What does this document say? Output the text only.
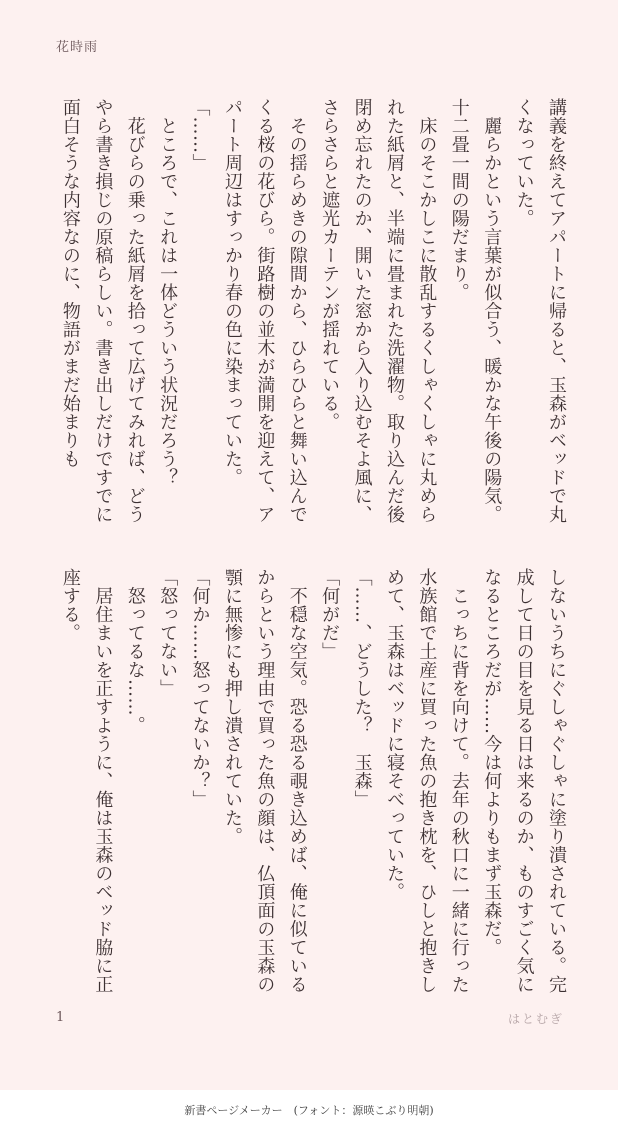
花時雨

講義を終えてアパートに帰ると、玉森がベッドで丸くなっていた。

　麗らかという言葉が似合う、暖かな午後の陽気。十二畳一間の陽だまり。

　床のそこかしこに散乱するくしゃくしゃに丸められた紙屑と、半端に畳まれた洗濯物。取り込んだ後閉め忘れたのか、開いた窓から入り込むそよ風に、さらさらと遮光カーテンが揺れている。

　その揺らめきの隙間から、ひらひらと舞い込んでくる桜の花びら。街路樹の並木が満開を迎えて、アパート周辺はすっかり春の色に染まっていた。

「……」

　ところで、これは一体どういう状況だろう？

　花びらの乗った紙屑を拾って広げてみれば、どうやら書き損じの原稿らしい。書き出しだけですでに面白そうな内容なのに、物語がまだ始まりも

しないうちにぐしゃぐしゃに塗り潰されている。完成して日の目を見る日は来るのか、ものすごく気になるところだが……今は何よりもまず玉森だ。

　こっちに背を向けて。去年の秋口に一緒に行った水族館で土産に買った魚の抱き枕を、ひしと抱きしめて、玉森はベッドに寝そべっていた。

「……、どうした？　玉森」

「何がだ」

　不穏な空気。恐る恐る覗き込めば、俺に似ているからという理由で買った魚の顔は、仏頂面の玉森の顎に無惨にも押し潰されていた。

「何か……怒ってないか？」

「怒ってない」

　怒ってるな……。

　居住まいを正すように、俺は玉森のベッド脇に正座する。

1	はとむぎ
新書ページメーカー　(フォント：源暎こぶり明朝)
